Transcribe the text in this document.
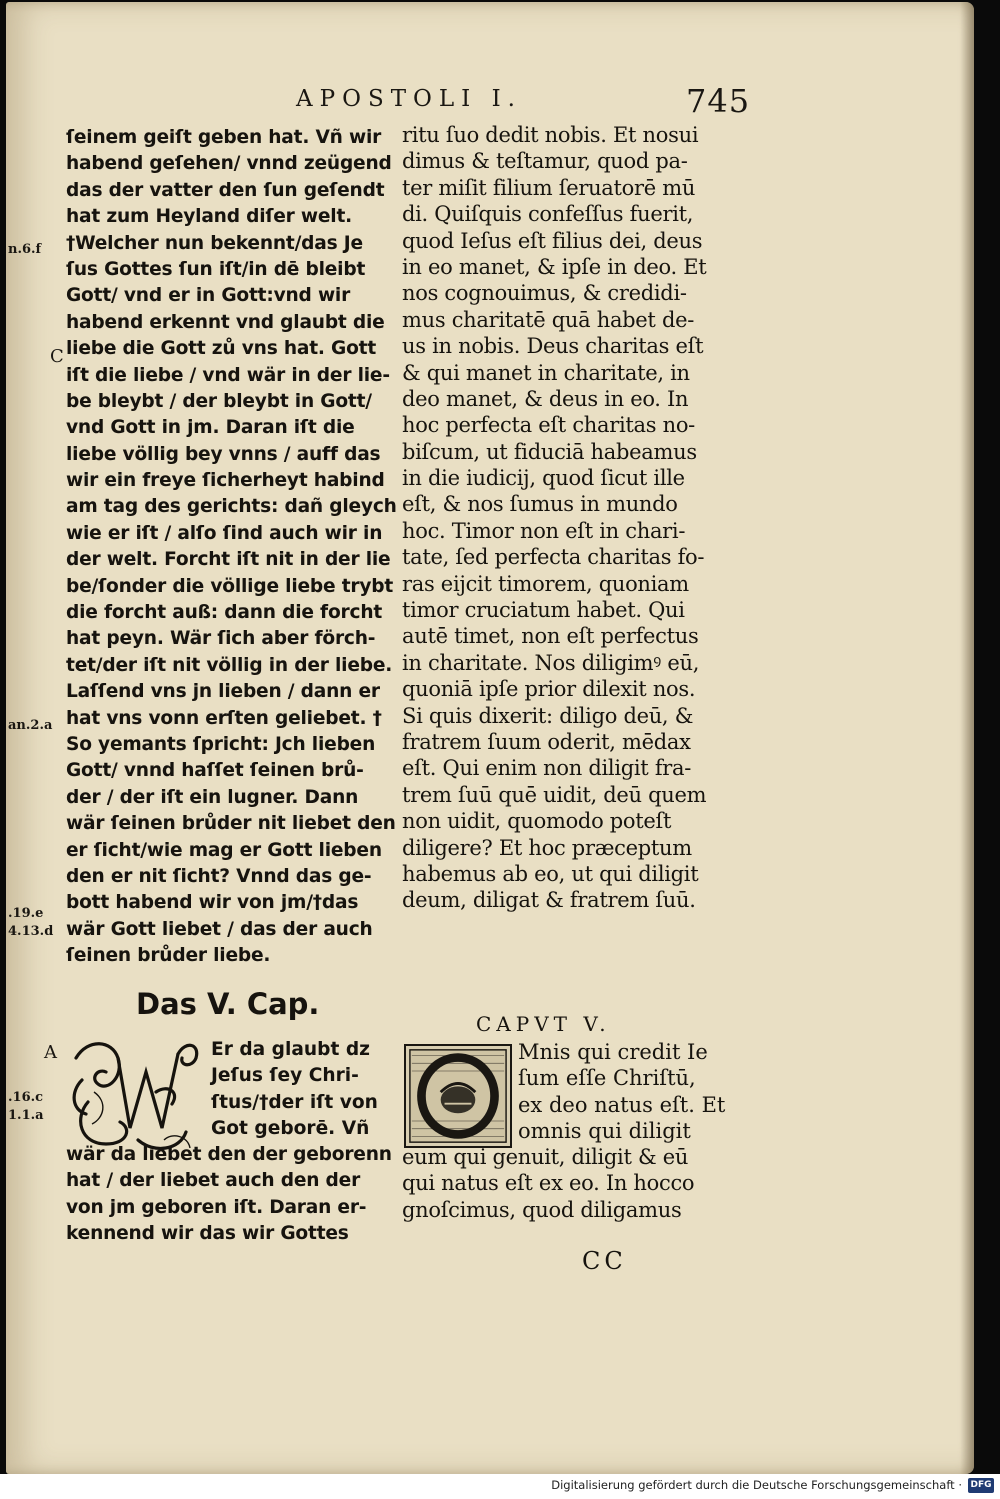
APOSTOLI I.	745
ſeinem geiſt geben hat. Vñ wir
habend geſehen/ vnnd zeügend
das der vatter den ſun geſendt
hat zum Heyland diſer welt.
†Welcher nun bekennt/das Je
ſus Gottes ſun iſt/in dē bleibt
Gott/ vnd er in Gott:vnd wir
habend erkennt vnd glaubt die
liebe die Gott zů vns hat. Gott
iſt die liebe / vnd wär in der lie-
be bleybt / der bleybt in Gott/
vnd Gott in jm. Daran iſt die
liebe völlig bey vnns / auff das
wir ein freye ſicherheyt habind
am tag des gerichts: dañ gleych
wie er iſt / alſo ſind auch wir in
der welt. Forcht iſt nit in der lie
be/ſonder die völlige liebe trybt
die forcht auß: dann die forcht
hat peyn. Wär ſich aber förch-
tet/der iſt nit völlig in der liebe.
Laſſend vns jn lieben / dann er
hat vns vonn erſten geliebet. †
So yemants ſpricht: Jch lieben
Gott/ vnnd haſſet ſeinen brů-
der / der iſt ein lugner. Dann
wär ſeinen brůder nit liebet den
er ſicht/wie mag er Gott lieben
den er nit ſicht? Vnnd das ge-
bott habend wir von jm/†das
wär Gott liebet / das der auch
ſeinen brůder liebe.
ritu ſuo dedit nobis. Et nosui
dimus & teſtamur, quod pa-
ter miſit filium ſeruatorē mū
di. Quiſquis confeſſus fuerit,
quod Ieſus eſt filius dei, deus
in eo manet, & ipſe in deo. Et
nos cognouimus, & credidi-
mus charitatē quā habet de-
us in nobis. Deus charitas eſt
& qui manet in charitate, in
deo manet, & deus in eo. In
hoc perfecta eſt charitas no-
biſcum, ut fiduciā habeamus
in die iudicij, quod ſicut ille
eſt, & nos ſumus in mundo
hoc. Timor non eſt in chari-
tate, ſed perfecta charitas fo-
ras eijcit timorem, quoniam
timor cruciatum habet. Qui
autē timet, non eſt perfectus
in charitate. Nos diligimꝰ eū,
quoniā ipſe prior dilexit nos.
Si quis dixerit: diligo deū, &
fratrem ſuum oderit, mēdax
eſt. Qui enim non diligit fra-
trem ſuū quē uidit, deū quem
non uidit, quomodo poteſt
diligere? Et hoc præceptum
habemus ab eo, ut qui diligit
deum, diligat & fratrem ſuū.
Das V. Cap.
Er da glaubt dz
Jeſus ſey Chri-
ſtus/†der iſt von
Got geborē. Vñ
wär da liebet den der geborenn
hat / der liebet auch den der
von jm geboren iſt. Daran er-
kennend wir das wir Gottes
CAPVT V.
Mnis qui credit Ie
ſum eſſe Chriſtū,
ex deo natus eſt. Et
omnis qui diligit
eum qui genuit, diligit & eū
qui natus eſt ex eo. In hocco
gnoſcimus, quod diligamus
CC
n.6.f
C
an.2.a
.19.e
4.13.d
A
.16.c
1.1.a
Digitalisierung gefördert durch die Deutsche Forschungsgemeinschaft · DFG
